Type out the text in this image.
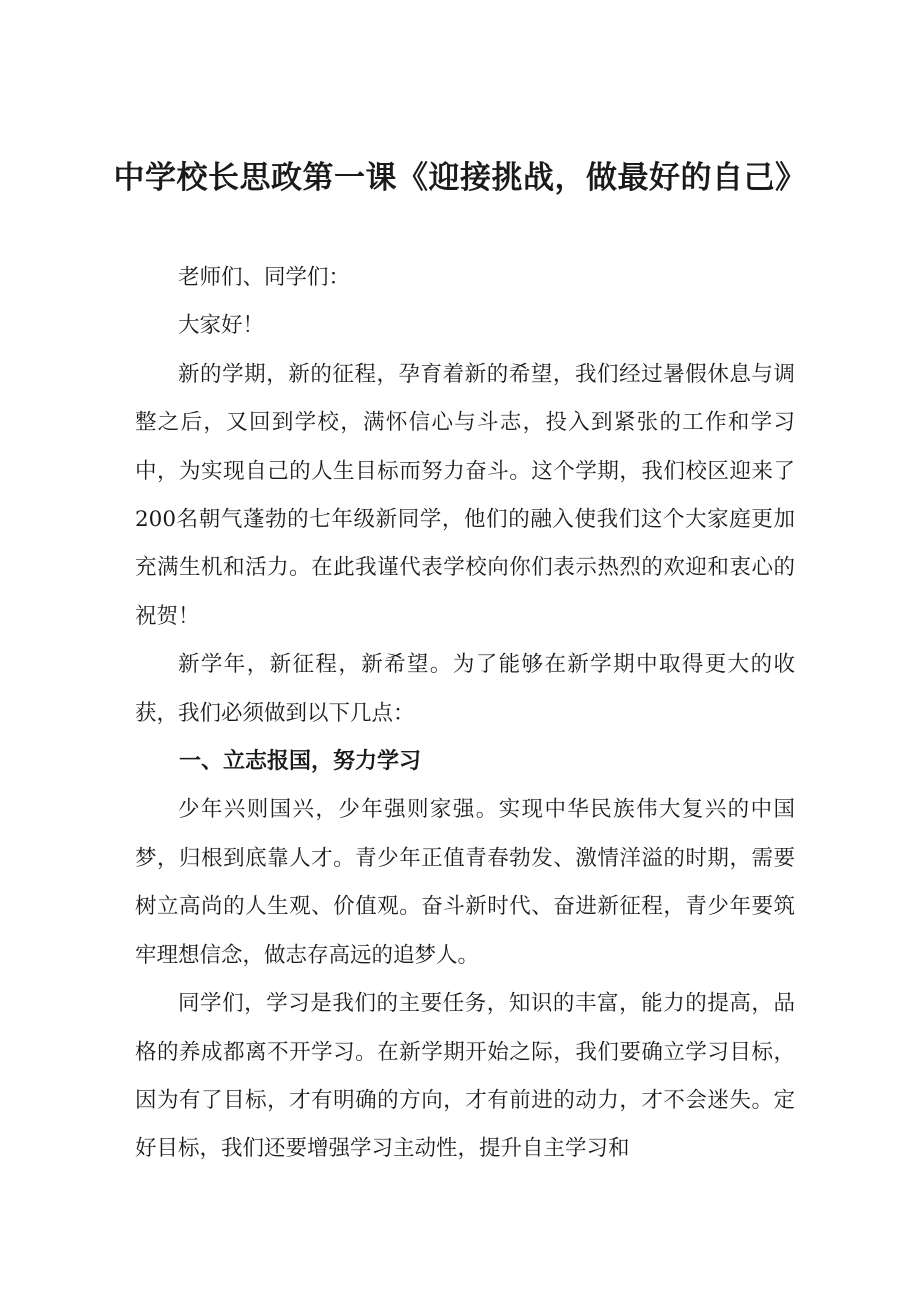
中学校长思政第一课《迎接挑战，做最好的自己》

老师们、同学们：

大家好！

新的学期，新的征程，孕育着新的希望，我们经过暑假休息与调整之后，又回到学校，满怀信心与斗志，投入到紧张的工作和学习中，为实现自己的人生目标而努力奋斗。这个学期，我们校区迎来了200名朝气蓬勃的七年级新同学，他们的融入使我们这个大家庭更加充满生机和活力。在此我谨代表学校向你们表示热烈的欢迎和衷心的祝贺！

新学年，新征程，新希望。为了能够在新学期中取得更大的收获，我们必须做到以下几点：

一、立志报国，努力学习

少年兴则国兴，少年强则家强。实现中华民族伟大复兴的中国梦，归根到底靠人才。青少年正值青春勃发、激情洋溢的时期，需要树立高尚的人生观、价值观。奋斗新时代、奋进新征程，青少年要筑牢理想信念，做志存高远的追梦人。

同学们，学习是我们的主要任务，知识的丰富，能力的提高，品格的养成都离不开学习。在新学期开始之际，我们要确立学习目标，因为有了目标，才有明确的方向，才有前进的动力，才不会迷失。定好目标，我们还要增强学习主动性，提升自主学习和
